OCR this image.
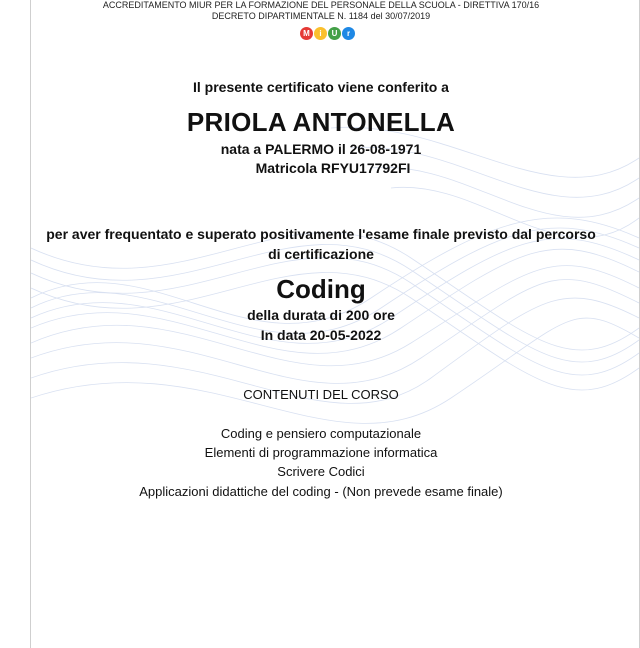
ACCREDITAMENTO MIUR PER LA FORMAZIONE DEL PERSONALE DELLA SCUOLA - DIRETTIVA 170/16
DECRETO DIPARTIMENTALE N. 1184 del 30/07/2019
M	i	U	r
Il presente certificato viene conferito a
PRIOLA ANTONELLA
nata a PALERMO il 26-08-1971
Matricola RFYU17792FI
per aver frequentato e superato positivamente l'esame finale previsto dal percorso
di certificazione
Coding
della durata di 200 ore
In data 20-05-2022
CONTENUTI DEL CORSO
Coding e pensiero computazionale
Elementi di programmazione informatica
Scrivere Codici
Applicazioni didattiche del coding - (Non prevede esame finale)
